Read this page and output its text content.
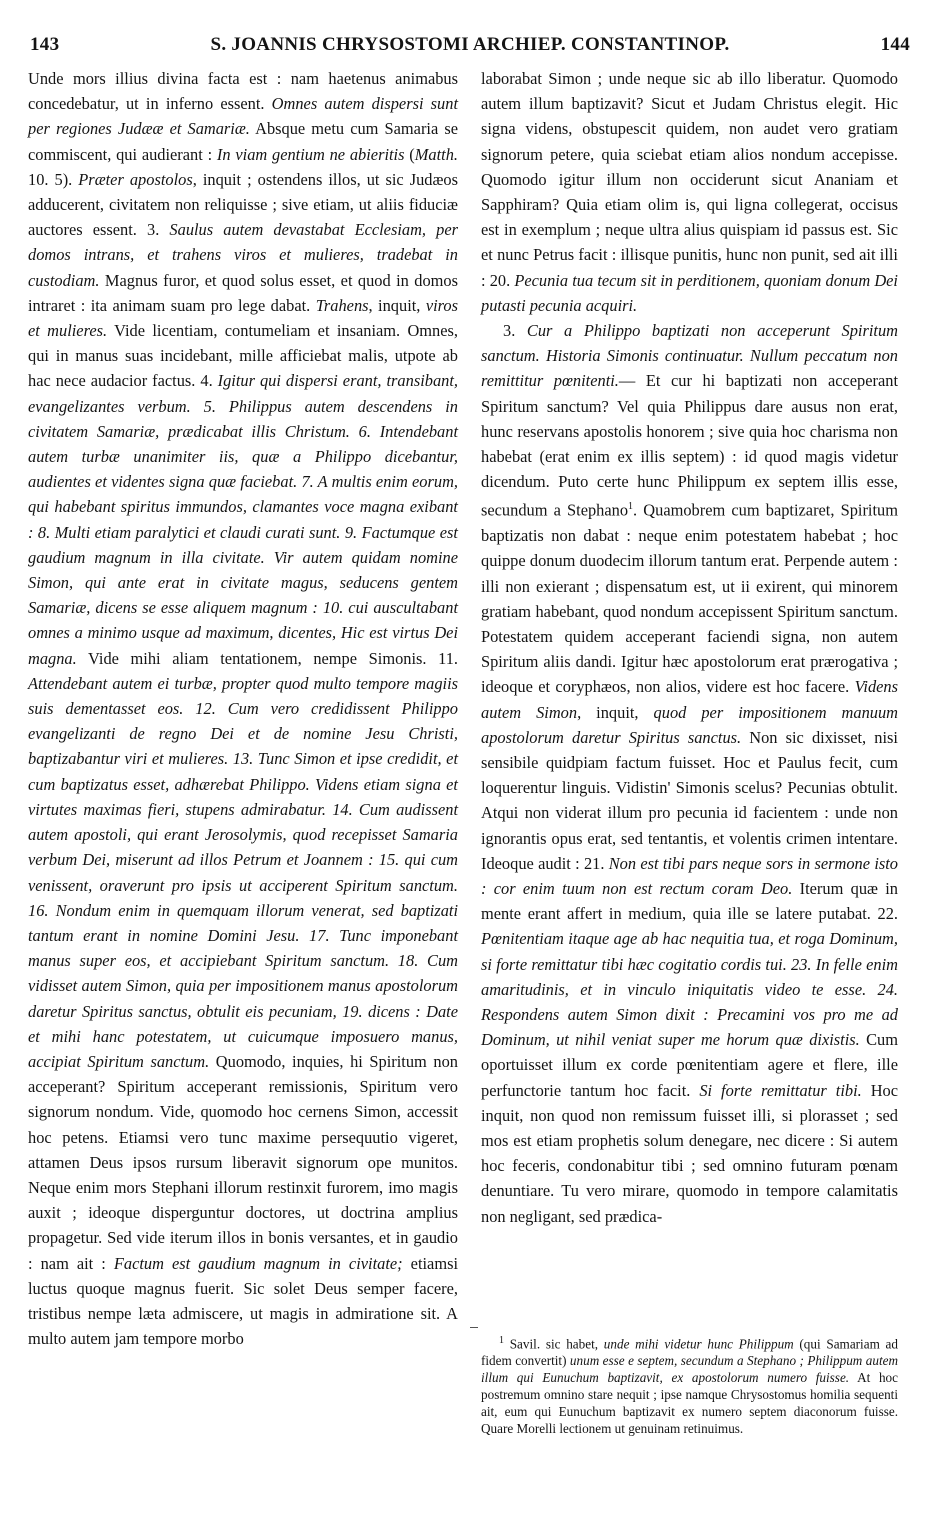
143	S. JOANNIS CHRYSOSTOMI ARCHIEP. CONSTANTINOP.	144

Unde mors illius divina facta est : nam haetenus animabus concedebatur, ut in inferno essent. Omnes autem dispersi sunt per regiones Judææ et Samariæ. Absque metu cum Samaria se commiscent, qui audierant : In viam gentium ne abieritis (Matth. 10. 5). Præter apostolos, inquit ; ostendens illos, ut sic Judæos adducerent, civitatem non reliquisse ; sive etiam, ut aliis fiduciæ auctores essent. 3. Saulus autem devastabat Ecclesiam, per domos intrans, et trahens viros et mulieres, tradebat in custodiam. Magnus furor, et quod solus esset, et quod in domos intraret : ita animam suam pro lege dabat. Trahens, inquit, viros et mulieres. Vide licentiam, contumeliam et insaniam. Omnes, qui in manus suas incidebant, mille afficiebat malis, utpote ab hac nece audacior factus. 4. Igitur qui dispersi erant, transibant, evangelizantes verbum. 5. Philippus autem descendens in civitatem Samariæ, prædicabat illis Christum. 6. Intendebant autem turbæ unanimiter iis, quæ a Philippo dicebantur, audientes et videntes signa quæ faciebat. 7. A multis enim eorum, qui habebant spiritus immundos, clamantes voce magna exibant : 8. Multi etiam paralytici et claudi curati sunt. 9. Factumque est gaudium magnum in illa civitate. Vir autem quidam nomine Simon, qui ante erat in civitate magus, seducens gentem Samariæ, dicens se esse aliquem magnum : 10. cui auscultabant omnes a minimo usque ad maximum, dicentes, Hic est virtus Dei magna. Vide mihi aliam tentationem, nempe Simonis. 11. Attendebant autem ei turbæ, propter quod multo tempore magiis suis dementasset eos. 12. Cum vero credidissent Philippo evangelizanti de regno Dei et de nomine Jesu Christi, baptizabantur viri et mulieres. 13. Tunc Simon et ipse credidit, et cum baptizatus esset, adhærebat Philippo. Videns etiam signa et virtutes maximas fieri, stupens admirabatur. 14. Cum audissent autem apostoli, qui erant Jerosolymis, quod recepisset Samaria verbum Dei, miserunt ad illos Petrum et Joannem : 15. qui cum venissent, oraverunt pro ipsis ut acciperent Spiritum sanctum. 16. Nondum enim in quemquam illorum venerat, sed baptizati tantum erant in nomine Domini Jesu. 17. Tunc imponebant manus super eos, et accipiebant Spiritum sanctum. 18. Cum vidisset autem Simon, quia per impositionem manus apostolorum daretur Spiritus sanctus, obtulit eis pecuniam, 19. dicens : Date et mihi hanc potestatem, ut cuicumque imposuero manus, accipiat Spiritum sanctum. Quomodo, inquies, hi Spiritum non acceperant? Spiritum acceperant remissionis, Spiritum vero signorum nondum. Vide, quomodo hoc cernens Simon, accessit hoc petens. Etiamsi vero tunc maxime persequutio vigeret, attamen Deus ipsos rursum liberavit signorum ope munitos. Neque enim mors Stephani illorum restinxit furorem, imo magis auxit ; ideoque disperguntur doctores, ut doctrina amplius propagetur. Sed vide iterum illos in bonis versantes, et in gaudio : nam ait : Factum est gaudium magnum in civitate; etiamsi luctus quoque magnus fuerit. Sic solet Deus semper facere, tristibus nempe læta admiscere, ut magis in admiratione sit. A multo autem jam tempore morbo

laborabat Simon ; unde neque sic ab illo liberatur. Quomodo autem illum baptizavit? Sicut et Judam Christus elegit. Hic signa videns, obstupescit quidem, non audet vero gratiam signorum petere, quia sciebat etiam alios nondum accepisse. Quomodo igitur illum non occiderunt sicut Ananiam et Sapphiram? Quia etiam olim is, qui ligna collegerat, occisus est in exemplum ; neque ultra alius quispiam id passus est. Sic et nunc Petrus facit : illisque punitis, hunc non punit, sed ait illi : 20. Pecunia tua tecum sit in perditionem, quoniam donum Dei putasti pecunia acquiri.

3. Cur a Philippo baptizati non acceperunt Spiritum sanctum. Historia Simonis continuatur. Nullum peccatum non remittitur pœnitenti.— Et cur hi baptizati non acceperant Spiritum sanctum? Vel quia Philippus dare ausus non erat, hunc reservans apostolis honorem ; sive quia hoc charisma non habebat (erat enim ex illis septem) : id quod magis videtur dicendum. Puto certe hunc Philippum ex septem illis esse, secundum a Stephano$^1$. Quamobrem cum baptizaret, Spiritum baptizatis non dabat : neque enim potestatem habebat ; hoc quippe donum duodecim illorum tantum erat. Perpende autem : illi non exierant ; dispensatum est, ut ii exirent, qui minorem gratiam habebant, quod nondum accepissent Spiritum sanctum. Potestatem quidem acceperant faciendi signa, non autem Spiritum aliis dandi. Igitur hæc apostolorum erat prærogativa ; ideoque et coryphæos, non alios, videre est hoc facere. Videns autem Simon, inquit, quod per impositionem manuum apostolorum daretur Spiritus sanctus. Non sic dixisset, nisi sensibile quidpiam factum fuisset. Hoc et Paulus fecit, cum loquerentur linguis. Vidistin' Simonis scelus? Pecunias obtulit. Atqui non viderat illum pro pecunia id facientem : unde non ignorantis opus erat, sed tentantis, et volentis crimen intentare. Ideoque audit : 21. Non est tibi pars neque sors in sermone isto : cor enim tuum non est rectum coram Deo. Iterum quæ in mente erant affert in medium, quia ille se latere putabat. 22. Pœnitentiam itaque age ab hac nequitia tua, et roga Dominum, si forte remittatur tibi hæc cogitatio cordis tui. 23. In felle enim amaritudinis, et in vinculo iniquitatis video te esse. 24. Respondens autem Simon dixit : Precamini vos pro me ad Dominum, ut nihil veniat super me horum quæ dixistis. Cum oportuisset illum ex corde pœnitentiam agere et flere, ille perfunctorie tantum hoc facit. Si forte remittatur tibi. Hoc inquit, non quod non remissum fuisset illi, si plorasset ; sed mos est etiam prophetis solum denegare, nec dicere : Si autem hoc feceris, condonabitur tibi ; sed omnino futuram pœnam denuntiare. Tu vero mirare, quomodo in tempore calamitatis non negligant, sed prædica-

$^1$ Savil. sic habet, unde mihi videtur hunc Philippum (qui Samariam ad fidem convertit) unum esse e septem, secundum a Stephano ; Philippum autem illum qui Eunuchum baptizavit, ex apostolorum numero fuisse. At hoc postremum omnino stare nequit ; ipse namque Chrysostomus homilia sequenti ait, eum qui Eunuchum baptizavit ex numero septem diaconorum fuisse. Quare Morelli lectionem ut genuinam retinuimus.
